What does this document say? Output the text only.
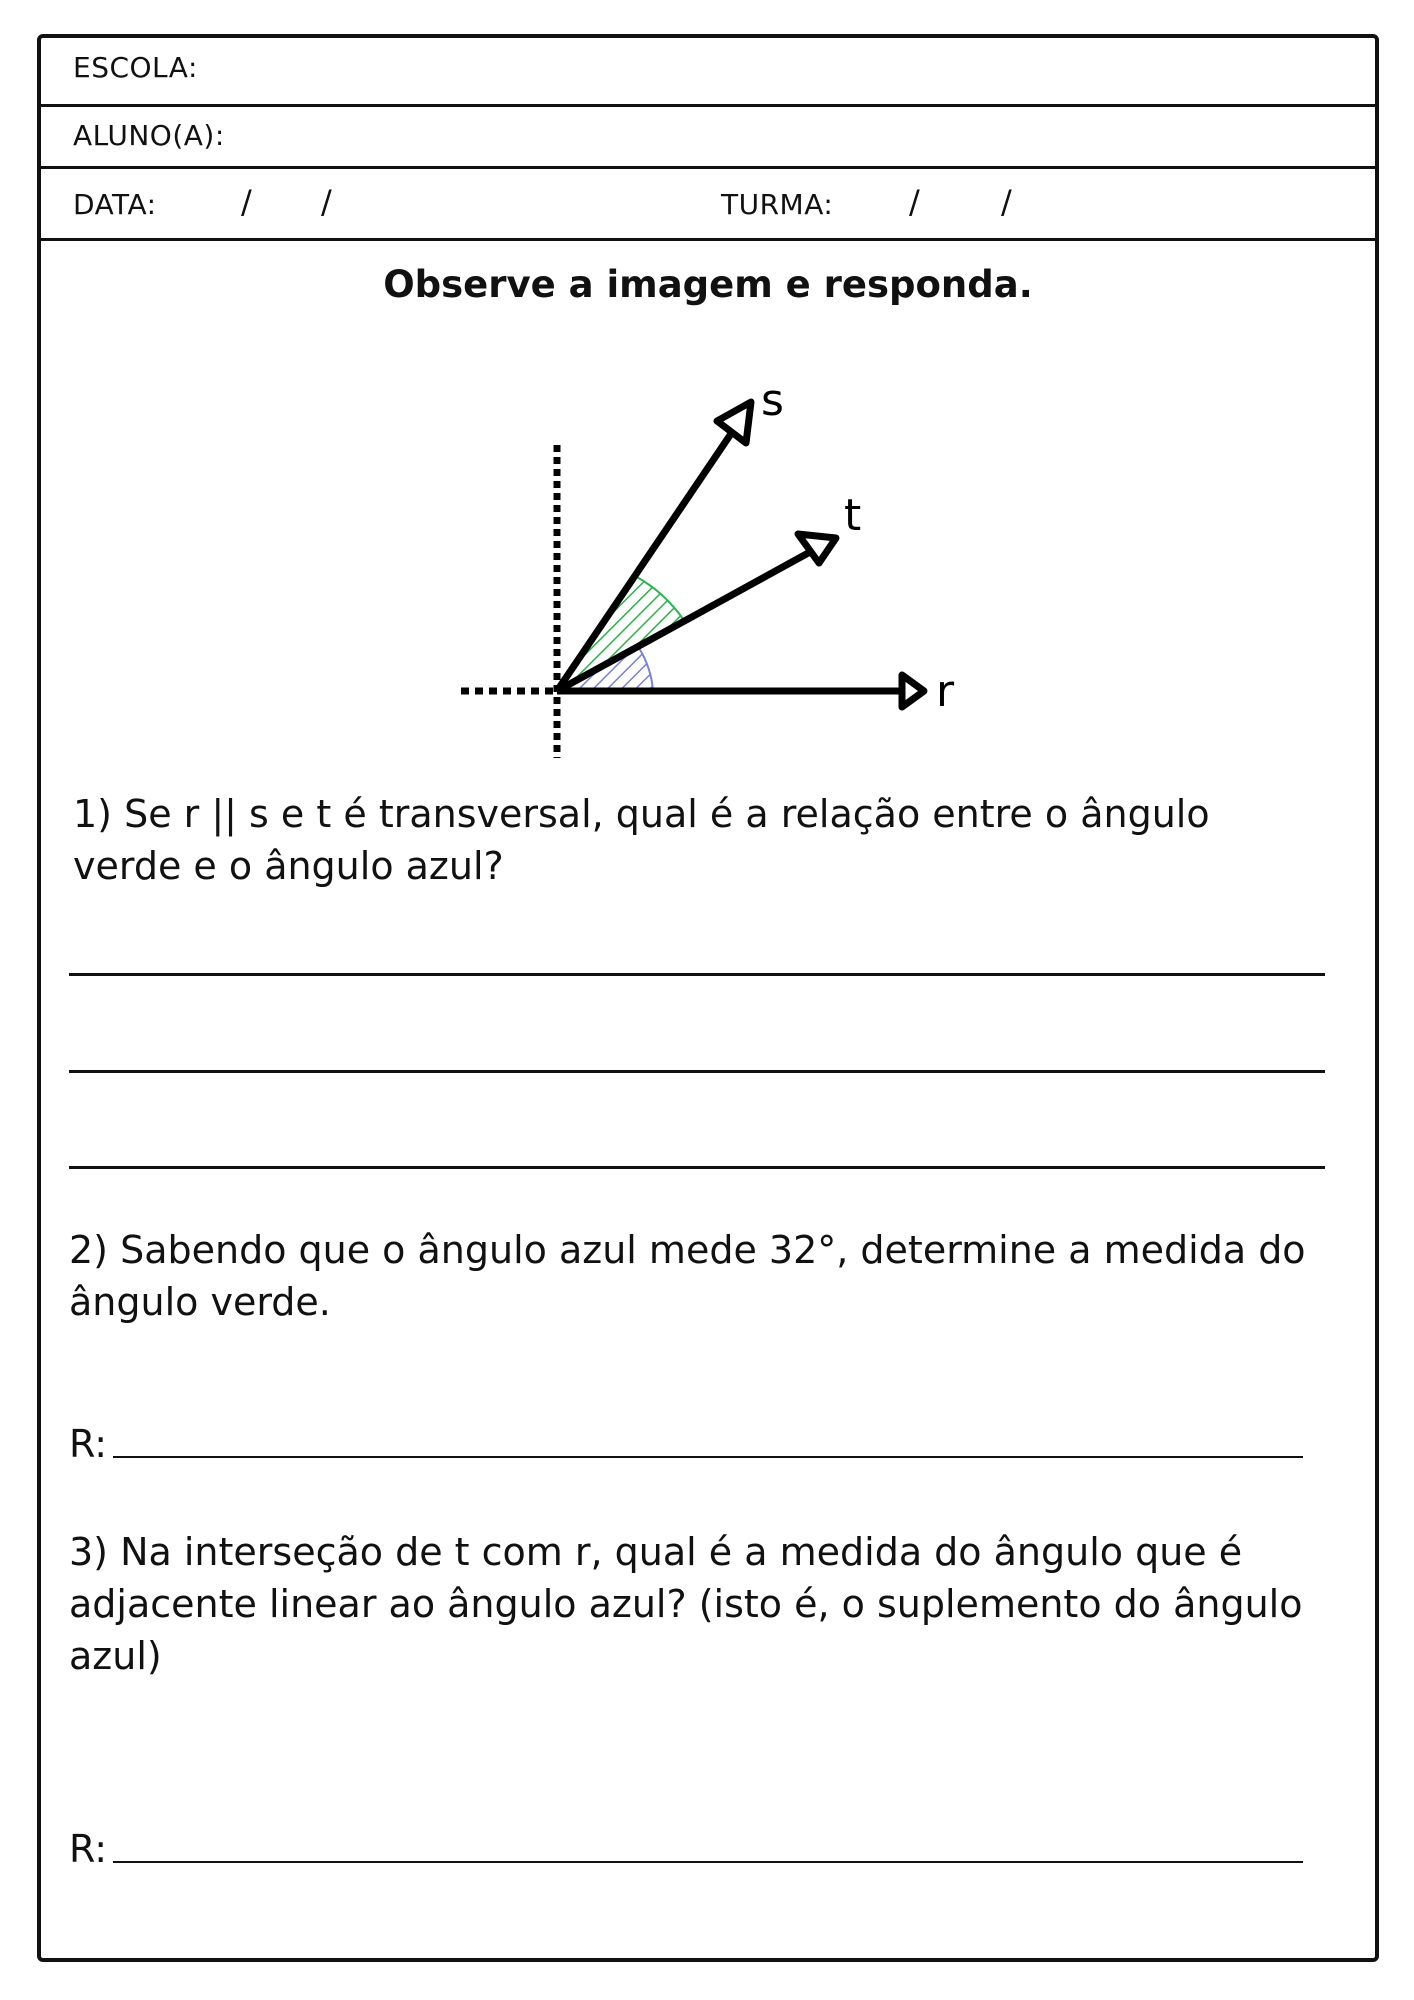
ESCOLA:
ALUNO(A):
DATA:	/ /	TURMA: /	/
Observe a imagem e responda.
s
t
r
1) Se r || s e t é transversal, qual é a relação entre o ângulo verde e o ângulo azul?
2) Sabendo que o ângulo azul mede 32°, determine a medida do ângulo verde.
R:
3) Na interseção de t com r, qual é a medida do ângulo que é adjacente linear ao ângulo azul? (isto é, o suplemento do ângulo azul)
R:
